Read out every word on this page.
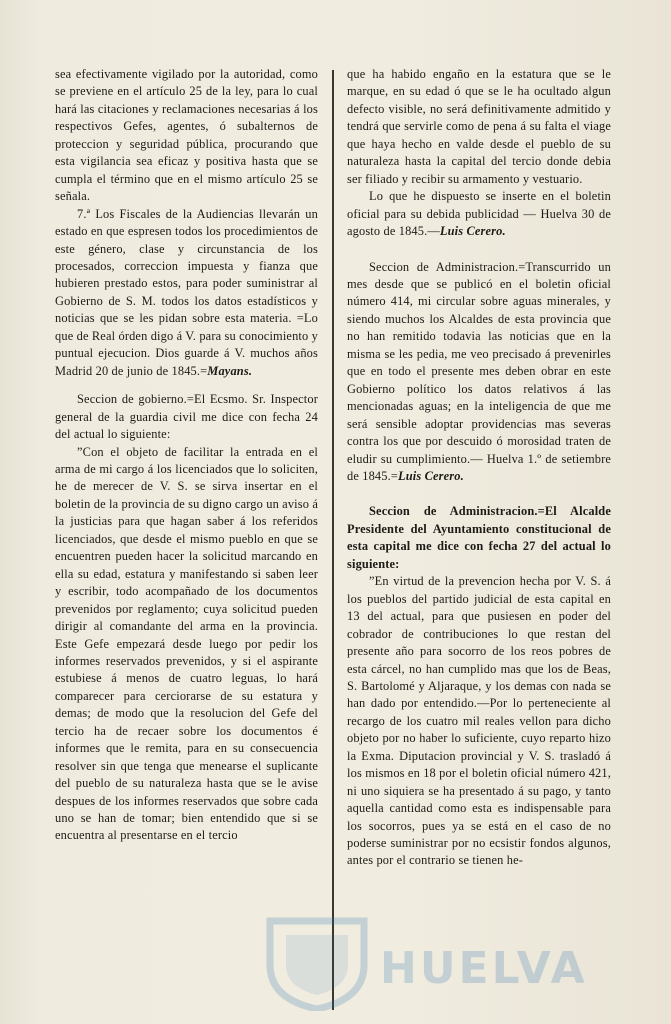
sea efectivamente vigilado por la autoridad, como se previene en el artículo 25 de la ley, para lo cual hará las citaciones y reclamaciones necesarias á los respectivos Gefes, agentes, ó subalternos de proteccion y seguridad pública, procurando que esta vigilancia sea eficaz y positiva hasta que se cumpla el término que en el mismo artículo 25 se señala.

7.ª Los Fiscales de la Audiencias llevarán un estado en que espresen todos los procedimientos de este género, clase y circunstancia de los procesados, correccion impuesta y fianza que hubieren prestado estos, para poder suministrar al Gobierno de S. M. todos los datos estadísticos y noticias que se les pidan sobre esta materia. =Lo que de Real órden digo á V. para su conocimiento y puntual ejecucion. Dios guarde á V. muchos años Madrid 20 de junio de 1845.=Mayans.

Seccion de gobierno.=El Ecsmo. Sr. Inspector general de la guardia civil me dice con fecha 24 del actual lo siguiente:

”Con el objeto de facilitar la entrada en el arma de mi cargo á los licenciados que lo soliciten, he de merecer de V. S. se sirva insertar en el boletin de la provincia de su digno cargo un aviso á la justicias para que hagan saber á los referidos licenciados, que desde el mismo pueblo en que se encuentren pueden hacer la solicitud marcando en ella su edad, estatura y manifestando si saben leer y escribir, todo acompañado de los documentos prevenidos por reglamento; cuya solicitud pueden dirigir al comandante del arma en la provincia. Este Gefe empezará desde luego por pedir los informes reservados prevenidos, y si el aspirante estubiese á menos de cuatro leguas, lo hará comparecer para cerciorarse de su estatura y demas; de modo que la resolucion del Gefe del tercio ha de recaer sobre los documentos é informes que le remita, para en su consecuencia resolver sin que tenga que menearse el suplicante del pueblo de su naturaleza hasta que se le avise despues de los informes reservados que sobre cada uno se han de tomar; bien entendido que si se encuentra al presentarse en el tercio

que ha habido engaño en la estatura que se le marque, en su edad ó que se le ha ocultado algun defecto visible, no será definitivamente admitido y tendrá que servirle como de pena á su falta el viage que haya hecho en valde desde el pueblo de su naturaleza hasta la capital del tercio donde debia ser filiado y recibir su armamento y vestuario.

Lo que he dispuesto se inserte en el boletin oficial para su debida publicidad — Huelva 30 de agosto de 1845.—Luis Cerero.

Seccion de Administracion.=Transcurrido un mes desde que se publicó en el boletin oficial número 414, mi circular sobre aguas minerales, y siendo muchos los Alcaldes de esta provincia que no han remitido todavia las noticias que en la misma se les pedia, me veo precisado á prevenirles que en todo el presente mes deben obrar en este Gobierno político los datos relativos á las mencionadas aguas; en la inteligencia de que me será sensible adoptar providencias mas severas contra los que por descuido ó morosidad traten de eludir su cumplimiento.— Huelva 1.º de setiembre de 1845.=Luis Cerero.

Seccion de Administracion.=El Alcalde Presidente del Ayuntamiento constitucional de esta capital me dice con fecha 27 del actual lo siguiente:

”En virtud de la prevencion hecha por V. S. á los pueblos del partido judicial de esta capital en 13 del actual, para que pusiesen en poder del cobrador de contribuciones lo que restan del presente año para socorro de los reos pobres de esta cárcel, no han cumplido mas que los de Beas, S. Bartolomé y Aljaraque, y los demas con nada se han dado por entendido.—Por lo perteneciente al recargo de los cuatro mil reales vellon para dicho objeto por no haber lo suficiente, cuyo reparto hizo la Exma. Diputacion provincial y V. S. trasladó á los mismos en 18 por el boletin oficial número 421, ni uno siquiera se ha presentado á su pago, y tanto aquella cantidad como esta es indispensable para los socorros, pues ya se está en el caso de no poderse suministrar por no ecsistir fondos algunos, antes por el contrario se tienen he-

HUELVA
